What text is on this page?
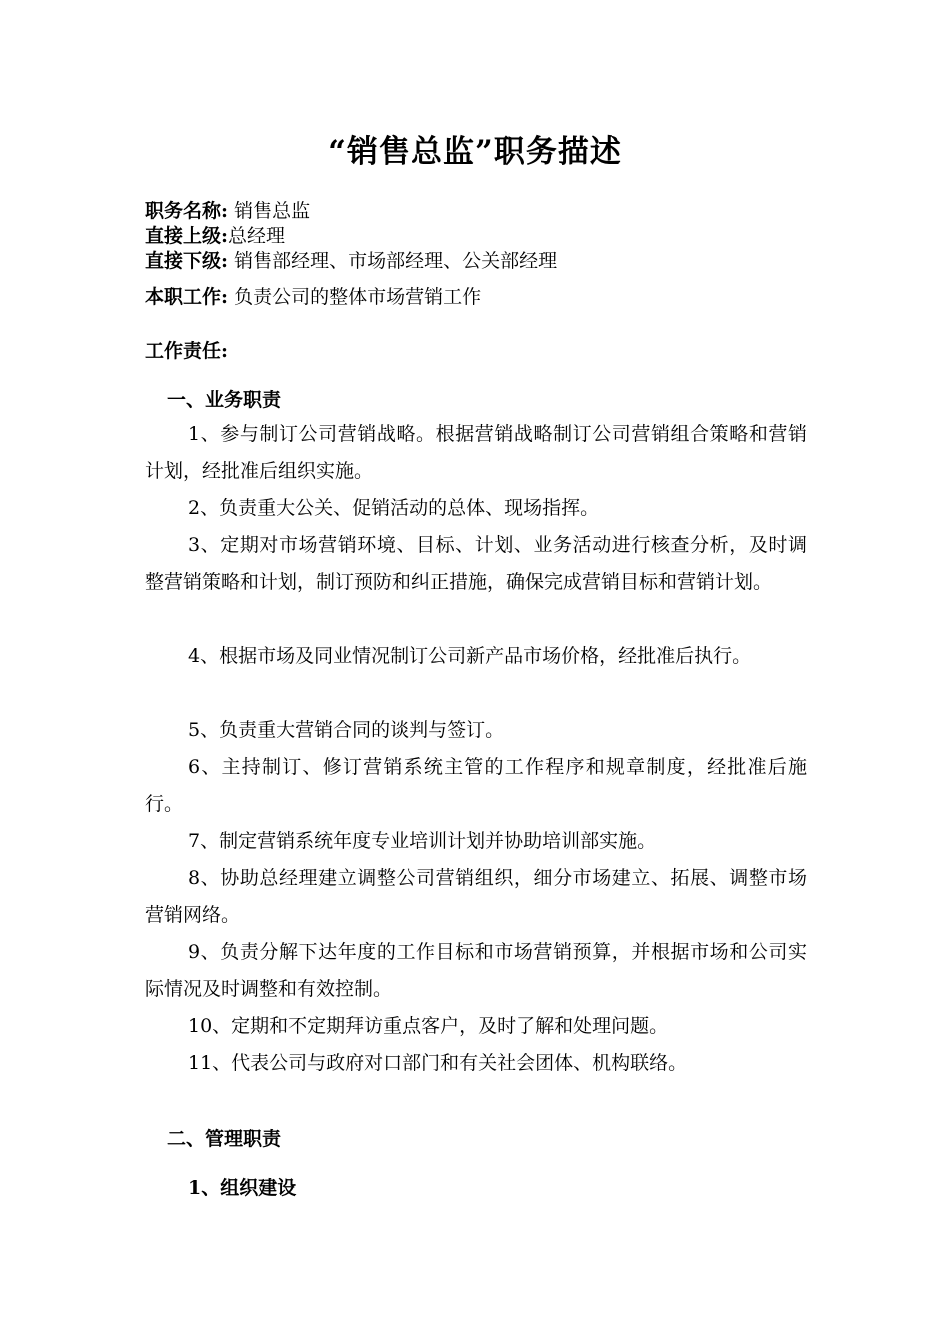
“销售总监”职务描述
职务名称: 销售总监
直接上级:总经理
直接下级: 销售部经理、市场部经理、公关部经理
本职工作: 负责公司的整体市场营销工作
工作责任:
一、业务职责
1、参与制订公司营销战略。根据营销战略制订公司营销组合策略和营销计划，经批准后组织实施。
2、负责重大公关、促销活动的总体、现场指挥。
3、定期对市场营销环境、目标、计划、业务活动进行核查分析，及时调整营销策略和计划，制订预防和纠正措施，确保完成营销目标和营销计划。
4、根据市场及同业情况制订公司新产品市场价格，经批准后执行。
5、负责重大营销合同的谈判与签订。
6、主持制订、修订营销系统主管的工作程序和规章制度，经批准后施行。
7、制定营销系统年度专业培训计划并协助培训部实施。
8、协助总经理建立调整公司营销组织，细分市场建立、拓展、调整市场营销网络。
9、负责分解下达年度的工作目标和市场营销预算，并根据市场和公司实际情况及时调整和有效控制。
10、定期和不定期拜访重点客户，及时了解和处理问题。
11、代表公司与政府对口部门和有关社会团体、机构联络。
二、管理职责
1、组织建设
